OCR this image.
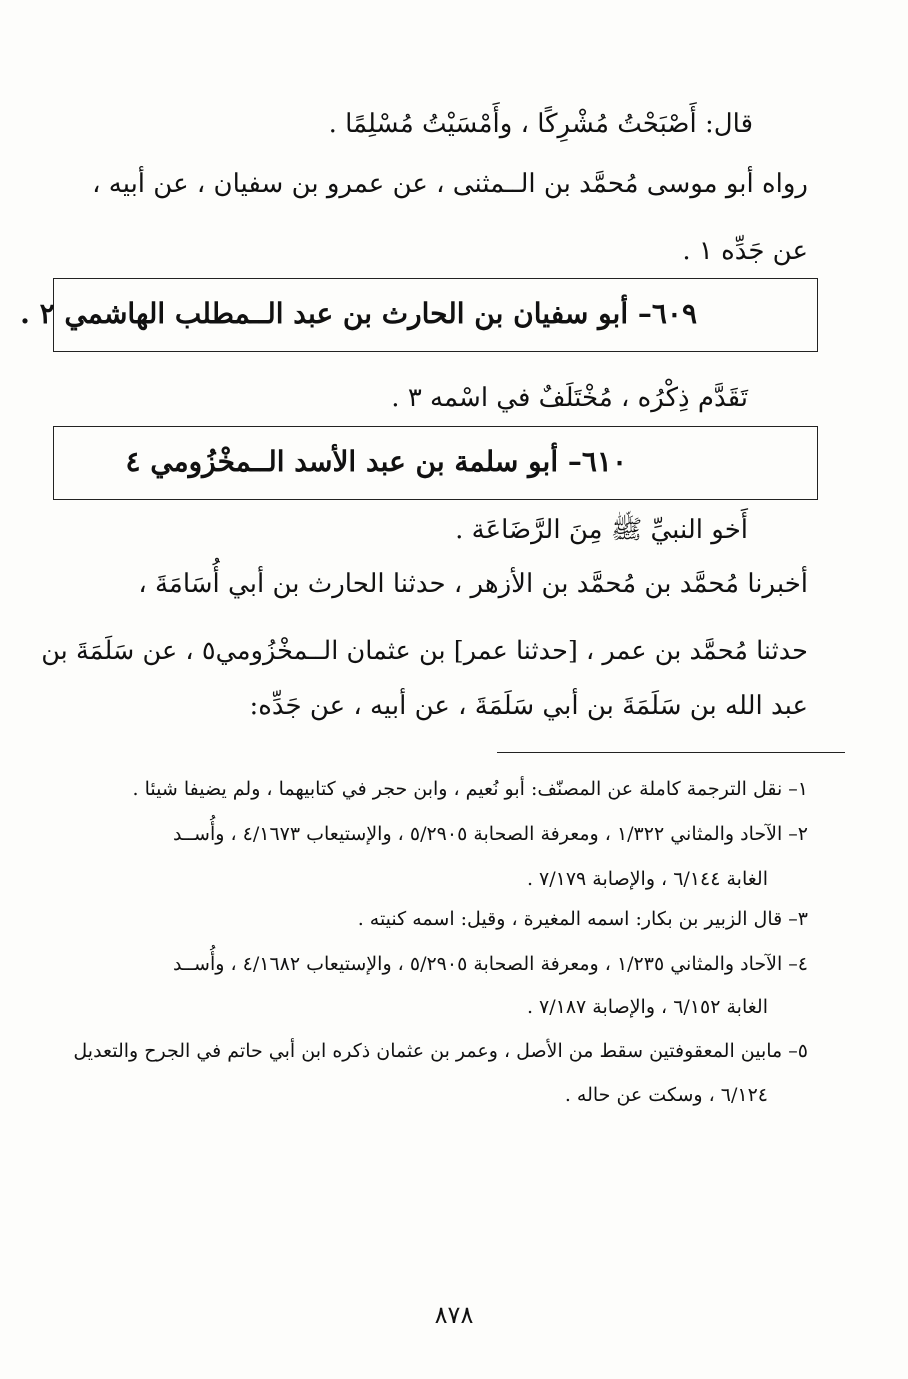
قال: أَصْبَحْتُ مُشْرِكًا ، وأَمْسَيْتُ مُسْلِمًا .
رواه أبو موسى مُحمَّد بن الــمثنى ، عن عمرو بن سفيان ، عن أبيه ،
عن جَدِّه ١ .
٦٠٩– أبو سفيان بن الحارث بن عبد الــمطلب الهاشمي ٢ .
تَقَدَّم ذِكْرُه ، مُخْتَلَفٌ في اسْمه ٣ .
٦١٠– أبو سلمة بن عبد الأسد الــمخْزُومي ٤
أَخو النبيِّ ﷺ مِنَ الرَّضَاعَة .
أخبرنا مُحمَّد بن مُحمَّد بن الأزهر ، حدثنا الحارث بن أبي أُسَامَةَ ،
حدثنا مُحمَّد بن عمر ، [حدثنا عمر] بن عثمان الــمخْزُومي٥ ، عن سَلَمَةَ بن
عبد الله بن سَلَمَةَ بن أبي سَلَمَةَ ، عن أبيه ، عن جَدِّه:
١– نقل الترجمة كاملة عن المصنّف: أبو نُعيم ، وابن حجر في كتابيهما ، ولم يضيفا شيئا .
٢– الآحاد والمثاني ١/٣٢٢ ، ومعرفة الصحابة ٥/٢٩٠٥ ، والإستيعاب ٤/١٦٧٣ ، وأُســد
الغابة ٦/١٤٤ ، والإصابة ٧/١٧٩ .
٣– قال الزبير بن بكار: اسمه المغيرة ، وقيل: اسمه كنيته .
٤– الآحاد والمثاني ١/٢٣٥ ، ومعرفة الصحابة ٥/٢٩٠٥ ، والإستيعاب ٤/١٦٨٢ ، وأُســد
الغابة ٦/١٥٢ ، والإصابة ٧/١٨٧ .
٥– مابين المعقوفتين سقط من الأصل ، وعمر بن عثمان ذكره ابن أبي حاتم في الجرح والتعديل
٦/١٢٤ ، وسكت عن حاله .
٨٧٨
